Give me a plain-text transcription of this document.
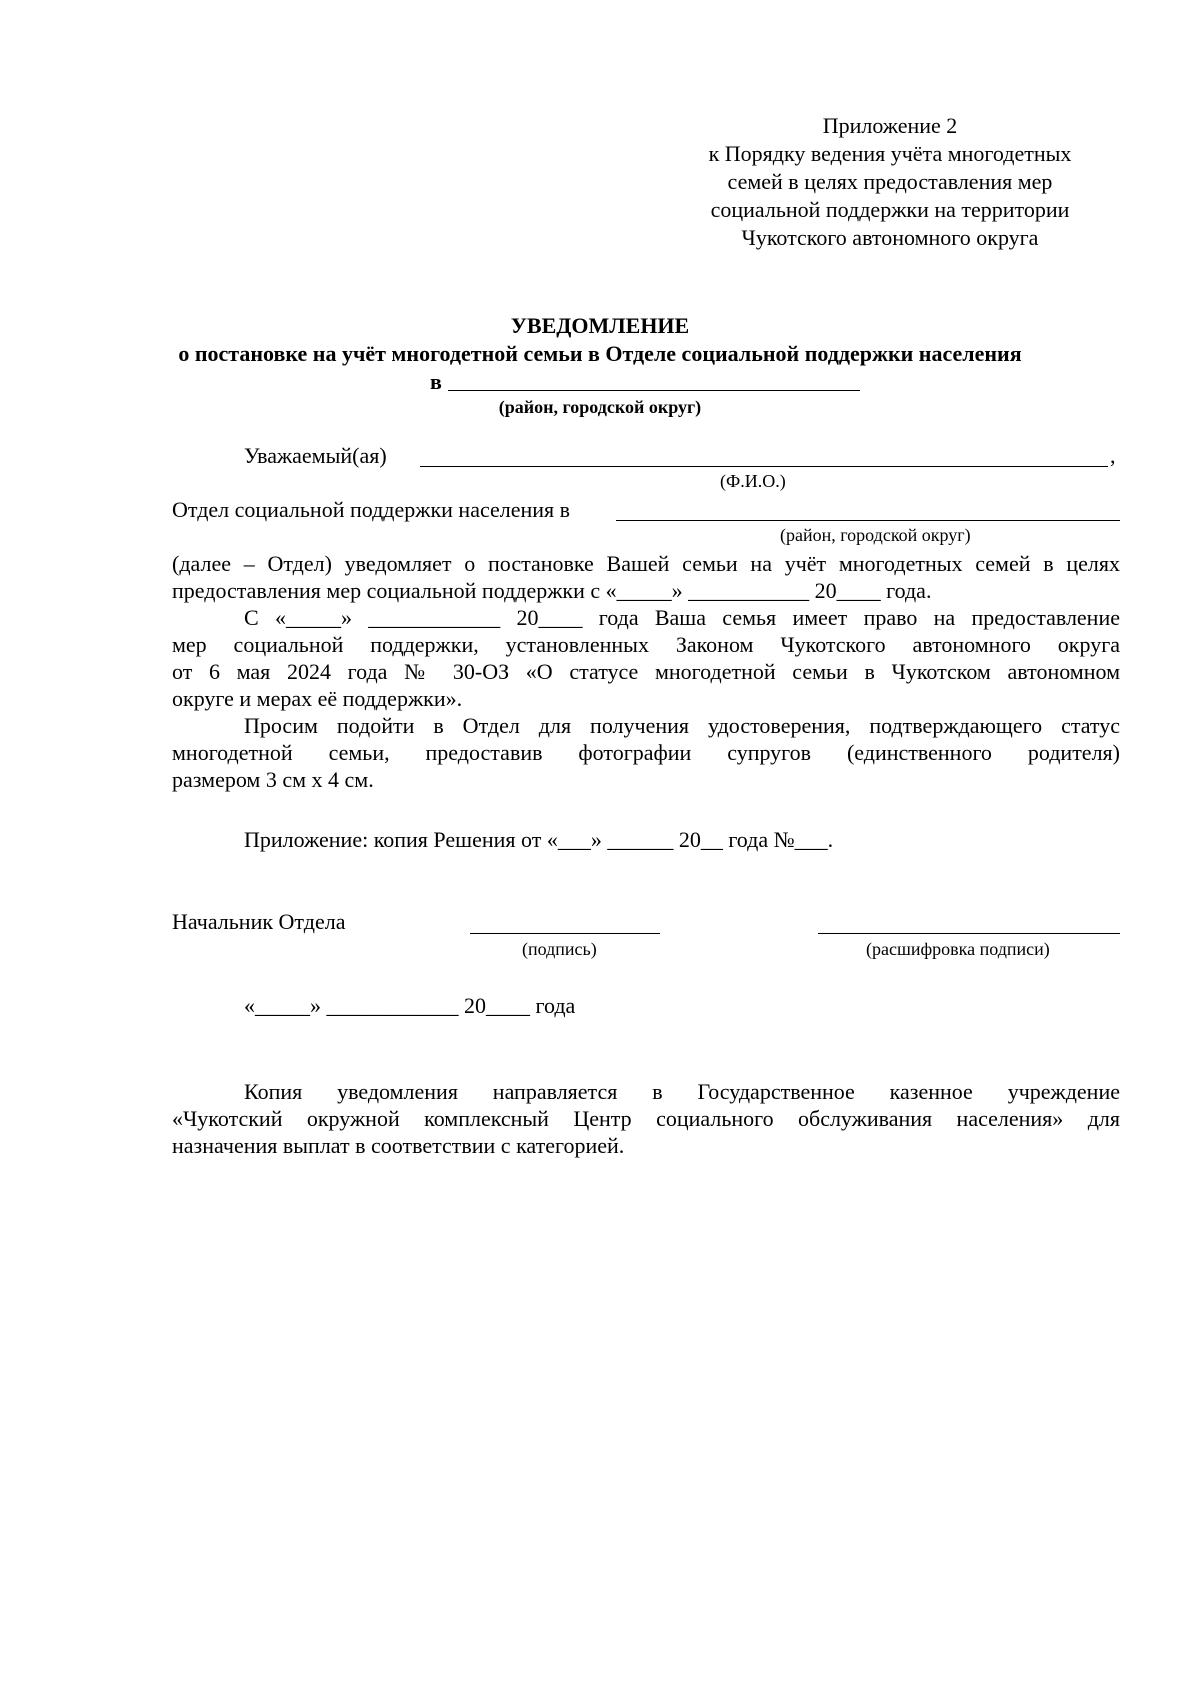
Приложение 2
к Порядку ведения учёта многодетных
семей в целях предоставления мер
социальной поддержки на территории
Чукотского автономного округа
УВЕДОМЛЕНИЕ
о постановке на учёт многодетной семьи в Отделе социальной поддержки населения
в
(район, городской округ)
Уважаемый(ая)	,
(Ф.И.О.)
Отдел социальной поддержки населения в
(район, городской округ)
(далее – Отдел) уведомляет о постановке Вашей семьи на учёт многодетных семей в целях
предоставления мер социальной поддержки с «_____» ___________ 20____ года.
С «_____» ____________ 20____ года Ваша семья имеет право на предоставление
мер социальной поддержки, установленных Законом Чукотского автономного округа
от 6 мая 2024 года № 30-ОЗ «О статусе многодетной семьи в Чукотском автономном
округе и мерах её поддержки».
Просим подойти в Отдел для получения удостоверения, подтверждающего статус
многодетной семьи, предоставив фотографии супругов (единственного родителя)
размером 3 см х 4 см.
Приложение: копия Решения от «___» ______ 20__ года №___.
Начальник Отдела
(подпись)	(расшифровка подписи)
«_____» ____________ 20____ года
Копия уведомления направляется в Государственное казенное учреждение
«Чукотский окружной комплексный Центр социального обслуживания населения» для
назначения выплат в соответствии с категорией.
